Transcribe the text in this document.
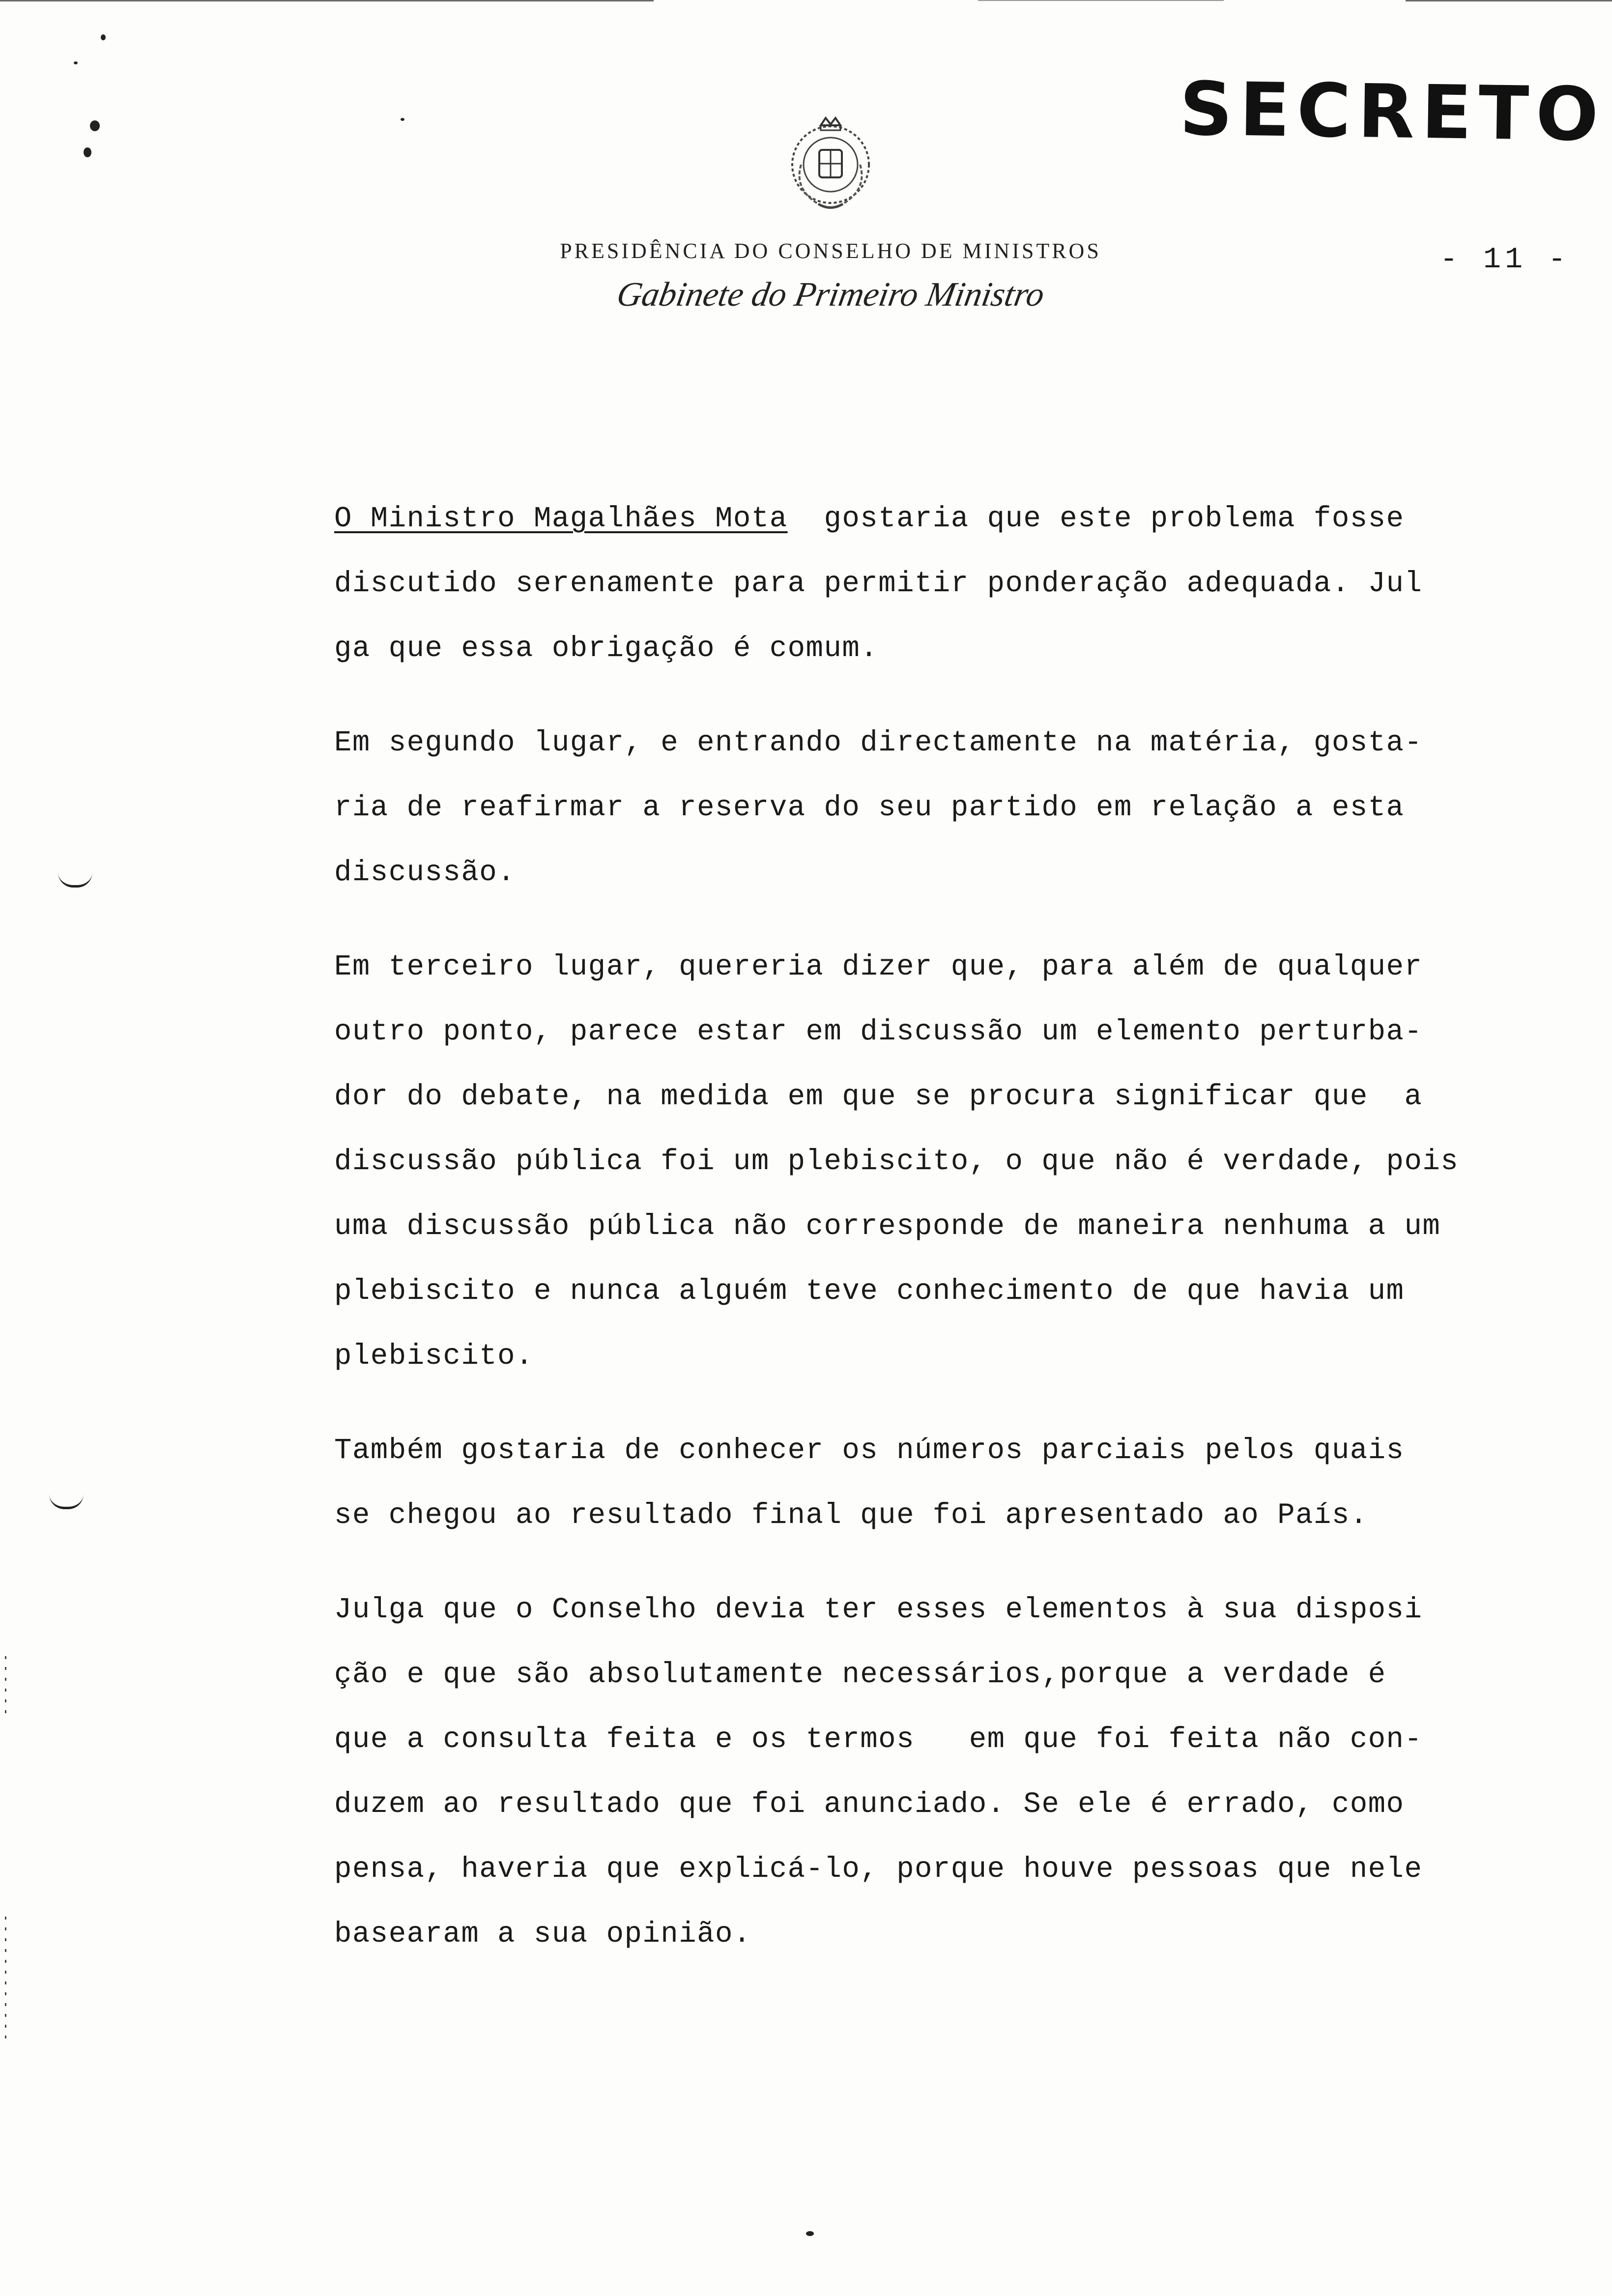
SECRETO
PRESIDÊNCIA DO CONSELHO DE MINISTROS
Gabinete do Primeiro Ministro
- 11 -
O Ministro Magalhães Mota  gostaria que este problema fosse
discutido serenamente para permitir ponderação adequada. Jul
ga que essa obrigação é comum.
Em segundo lugar, e entrando directamente na matéria, gosta-
ria de reafirmar a reserva do seu partido em relação a esta
discussão.
Em terceiro lugar, quereria dizer que, para além de qualquer
outro ponto, parece estar em discussão um elemento perturba-
dor do debate, na medida em que se procura significar que  a
discussão pública foi um plebiscito, o que não é verdade, pois
uma discussão pública não corresponde de maneira nenhuma a um
plebiscito e nunca alguém teve conhecimento de que havia um
plebiscito.
Também gostaria de conhecer os números parciais pelos quais
se chegou ao resultado final que foi apresentado ao País.
Julga que o Conselho devia ter esses elementos à sua disposi
ção e que são absolutamente necessários,porque a verdade é
que a consulta feita e os termos   em que foi feita não con-
duzem ao resultado que foi anunciado. Se ele é errado, como
pensa, haveria que explicá-lo, porque houve pessoas que nele
basearam a sua opinião.
